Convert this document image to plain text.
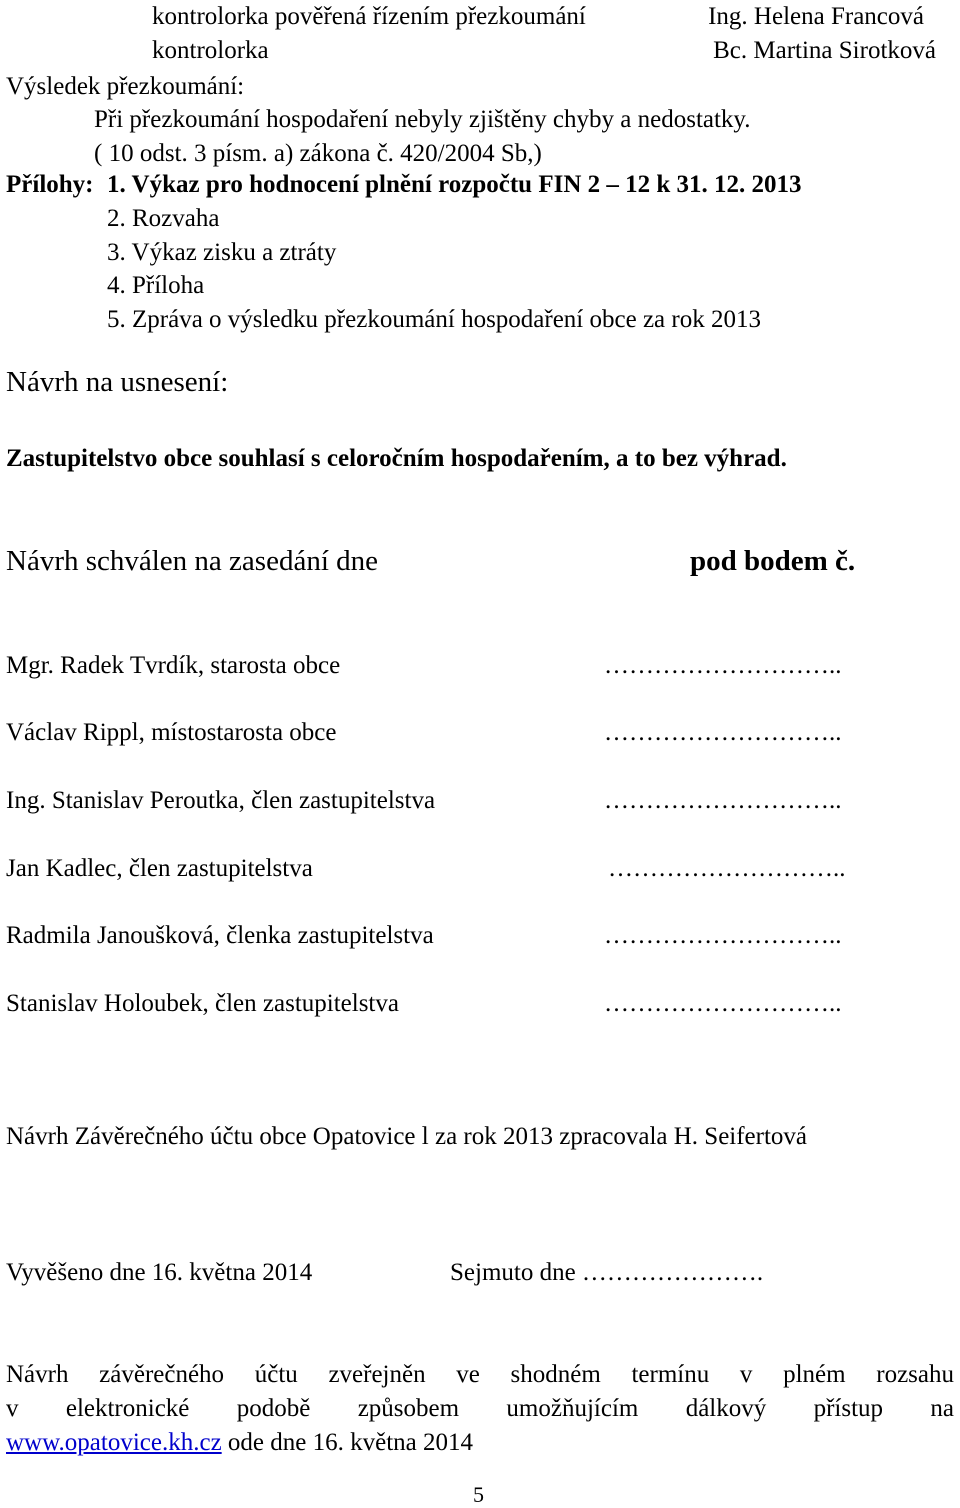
kontrolorka pověřená řízením přezkoumání	Ing. Helena Francová
kontrolorka	Bc. Martina Sirotková
Výsledek přezkoumání:
Při přezkoumání hospodaření nebyly zjištěny chyby a nedostatky.
( 10 odst. 3 písm. a) zákona č. 420/2004 Sb,)
Přílohy: 1. Výkaz pro hodnocení plnění rozpočtu FIN 2 – 12 k 31. 12. 2013
2. Rozvaha
3. Výkaz zisku a ztráty
4. Příloha
5. Zpráva o výsledku přezkoumání hospodaření obce za rok 2013
Návrh na usnesení:
Zastupitelstvo obce souhlasí s celoročním hospodařením, a to bez výhrad.
Návrh schválen na zasedání dne	pod bodem č.
Mgr. Radek Tvrdík, starosta obce	………………………..
Václav Rippl, místostarosta obce	………………………..
Ing. Stanislav Peroutka, člen zastupitelstva	………………………..
Jan Kadlec, člen zastupitelstva	………………………..
Radmila Janoušková, členka zastupitelstva	………………………..
Stanislav Holoubek, člen zastupitelstva	………………………..
Návrh Závěrečného účtu obce Opatovice l za rok 2013 zpracovala H. Seifertová
Vyvěšeno dne 16. května 2014	Sejmuto dne ………………….
Návrh závěrečného účtu zveřejněn ve shodném termínu v plném rozsahu
v elektronické podobě způsobem umožňujícím dálkový přístup na
www.opatovice.kh.cz ode dne 16. května 2014
5
